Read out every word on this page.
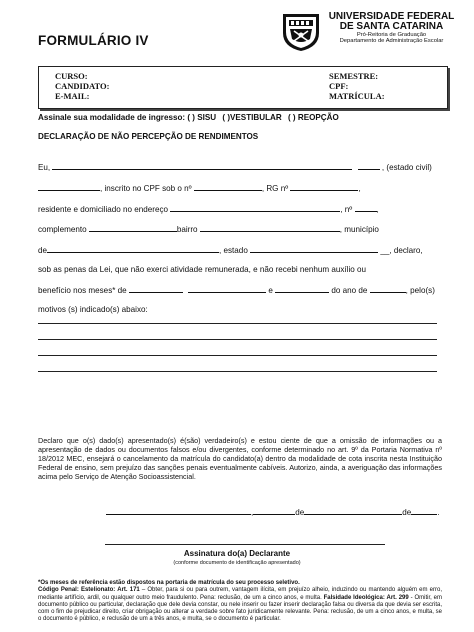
FORMULÁRIO IV
UNIVERSIDADE FEDERAL
DE SANTA CATARINA
Pró-Reitoria de Graduação
Departamento de Administração Escolar
CURSO:
CANDIDATO:
E-MAIL:
SEMESTRE:
CPF:
MATRÍCULA:
Assinale sua modalidade de ingresso: ( ) SISU ( )VESTIBULAR ( ) REOPÇÃO
DECLARAÇÃO DE NÃO PERCEPÇÃO DE RENDIMENTOS
Eu,	, (estado civil)
, inscrito no CPF sob o nº	, RG nº	,
residente e domiciliado no endereço	, nº	,
complemento	bairro	, município
de	, estado	__, declaro,
sob as penas da Lei, que não exerci atividade remunerada, e não recebi nenhum auxílio ou
benefício nos meses* de	e	do ano de	, pelo(s)
motivos (s) indicado(s) abaixo:
Declaro que o(s) dado(s) apresentado(s) é(são) verdadeiro(s) e estou ciente de que a omissão de informações ou a apresentação de dados ou documentos falsos e/ou divergentes, conforme determinado no art. 9º da Portaria Normativa nº 18/2012 MEC, ensejará o cancelamento da matrícula do candidato(a) dentro da modalidade de cota inscrita nesta Instituição Federal de ensino, sem prejuízo das sanções penais eventualmente cabíveis. Autorizo, ainda, a averiguação das informações acima pelo Serviço de Atenção Socioassistencial.
,	de	de	.
Assinatura do(a) Declarante
(conforme documento de identificação apresentado)
*Os meses de referência estão dispostos na portaria de matrícula do seu processo seletivo.
Código Penal: Estelionato: Art. 171 – Obter, para si ou para outrem, vantagem ilícita, em prejuízo alheio, induzindo ou mantendo alguém em erro, mediante artifício, ardil, ou qualquer outro meio fraudulento. Pena: reclusão, de um a cinco anos, e multa. Falsidade Ideológica: Art. 299 - Omitir, em documento público ou particular, declaração que dele devia constar, ou nele inserir ou fazer inserir declaração falsa ou diversa da que devia ser escrita, com o fim de prejudicar direito, criar obrigação ou alterar a verdade sobre fato juridicamente relevante. Pena: reclusão, de um a cinco anos, e multa, se o documento é público, e reclusão de um a três anos, e multa, se o documento é particular.
